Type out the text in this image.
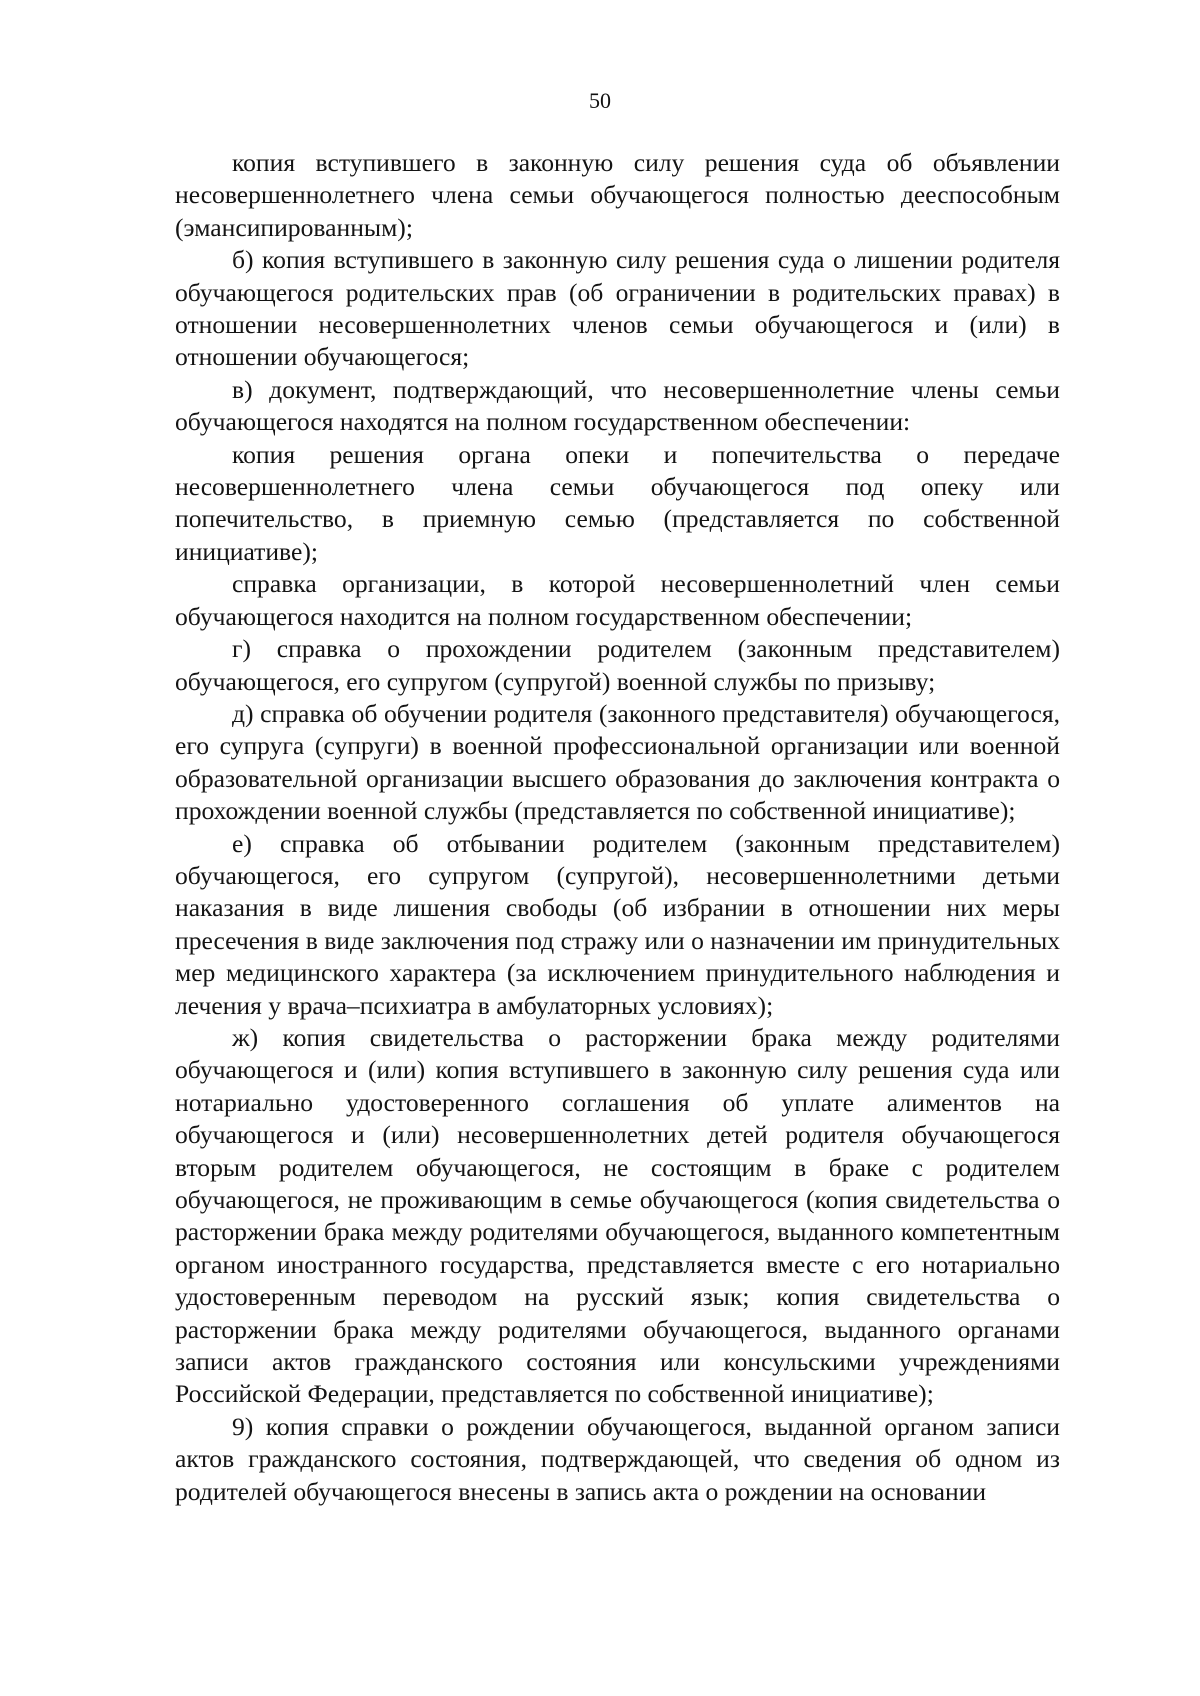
50

копия вступившего в законную силу решения суда об объявлении несовершеннолетнего члена семьи обучающегося полностью дееспособным (эмансипированным);

б) копия вступившего в законную силу решения суда о лишении родителя обучающегося родительских прав (об ограничении в родительских правах) в отношении несовершеннолетних членов семьи обучающегося и (или) в отношении обучающегося;

в) документ, подтверждающий, что несовершеннолетние члены семьи обучающегося находятся на полном государственном обеспечении:

копия решения органа опеки и попечительства о передаче несовершеннолетнего члена семьи обучающегося под опеку или попечительство, в приемную семью (представляется по собственной инициативе);

справка организации, в которой несовершеннолетний член семьи обучающегося находится на полном государственном обеспечении;

г) справка о прохождении родителем (законным представителем) обучающегося, его супругом (супругой) военной службы по призыву;

д) справка об обучении родителя (законного представителя) обучающегося, его супруга (супруги) в военной профессиональной организации или военной образовательной организации высшего образования до заключения контракта о прохождении военной службы (представляется по собственной инициативе);

е) справка об отбывании родителем (законным представителем) обучающегося, его супругом (супругой), несовершеннолетними детьми наказания в виде лишения свободы (об избрании в отношении них меры пресечения в виде заключения под стражу или о назначении им принудительных мер медицинского характера (за исключением принудительного наблюдения и лечения у врача–психиатра в амбулаторных условиях);

ж) копия свидетельства о расторжении брака между родителями обучающегося и (или) копия вступившего в законную силу решения суда или нотариально удостоверенного соглашения об уплате алиментов на обучающегося и (или) несовершеннолетних детей родителя обучающегося вторым родителем обучающегося, не состоящим в браке с родителем обучающегося, не проживающим в семье обучающегося (копия свидетельства о расторжении брака между родителями обучающегося, выданного компетентным органом иностранного государства, представляется вместе с его нотариально удостоверенным переводом на русский язык; копия свидетельства о расторжении брака между родителями обучающегося, выданного органами записи актов гражданского состояния или консульскими учреждениями Российской Федерации, представляется по собственной инициативе);

9) копия справки о рождении обучающегося, выданной органом записи актов гражданского состояния, подтверждающей, что сведения об одном из родителей обучающегося внесены в запись акта о рождении на основании
